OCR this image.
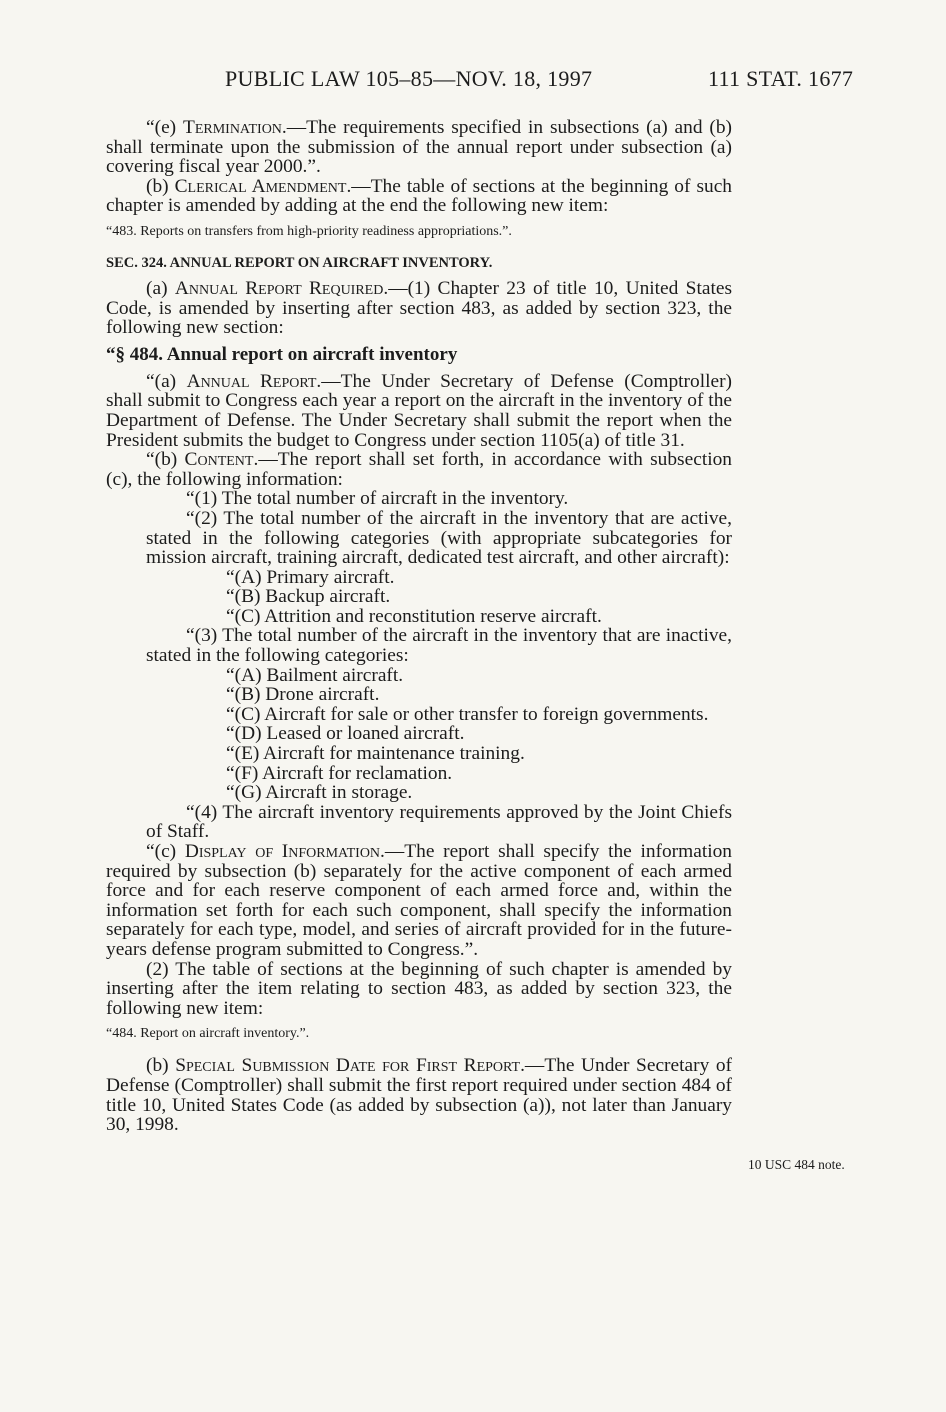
PUBLIC LAW 105–85—NOV. 18, 1997	111 STAT. 1677

“(e) Termination.—The requirements specified in subsections (a) and (b) shall terminate upon the submission of the annual report under subsection (a) covering fiscal year 2000.”.

(b) Clerical Amendment.—The table of sections at the beginning of such chapter is amended by adding at the end the following new item:

“483. Reports on transfers from high-priority readiness appropriations.”.

SEC. 324. ANNUAL REPORT ON AIRCRAFT INVENTORY.

(a) Annual Report Required.—(1) Chapter 23 of title 10, United States Code, is amended by inserting after section 483, as added by section 323, the following new section:

“§ 484. Annual report on aircraft inventory

“(a) Annual Report.—The Under Secretary of Defense (Comptroller) shall submit to Congress each year a report on the aircraft in the inventory of the Department of Defense. The Under Secretary shall submit the report when the President submits the budget to Congress under section 1105(a) of title 31.

“(b) Content.—The report shall set forth, in accordance with subsection (c), the following information:

“(1) The total number of aircraft in the inventory.

“(2) The total number of the aircraft in the inventory that are active, stated in the following categories (with appropriate subcategories for mission aircraft, training aircraft, dedicated test aircraft, and other aircraft):

“(A) Primary aircraft.

“(B) Backup aircraft.

“(C) Attrition and reconstitution reserve aircraft.

“(3) The total number of the aircraft in the inventory that are inactive, stated in the following categories:

“(A) Bailment aircraft.

“(B) Drone aircraft.

“(C) Aircraft for sale or other transfer to foreign governments.

“(D) Leased or loaned aircraft.

“(E) Aircraft for maintenance training.

“(F) Aircraft for reclamation.

“(G) Aircraft in storage.

“(4) The aircraft inventory requirements approved by the Joint Chiefs of Staff.

“(c) Display of Information.—The report shall specify the information required by subsection (b) separately for the active component of each armed force and for each reserve component of each armed force and, within the information set forth for each such component, shall specify the information separately for each type, model, and series of aircraft provided for in the future-years defense program submitted to Congress.”.

(2) The table of sections at the beginning of such chapter is amended by inserting after the item relating to section 483, as added by section 323, the following new item:

“484. Report on aircraft inventory.”.

(b) Special Submission Date for First Report.—The Under Secretary of Defense (Comptroller) shall submit the first report required under section 484 of title 10, United States Code (as added by subsection (a)), not later than January 30, 1998.

10 USC 484 note.
